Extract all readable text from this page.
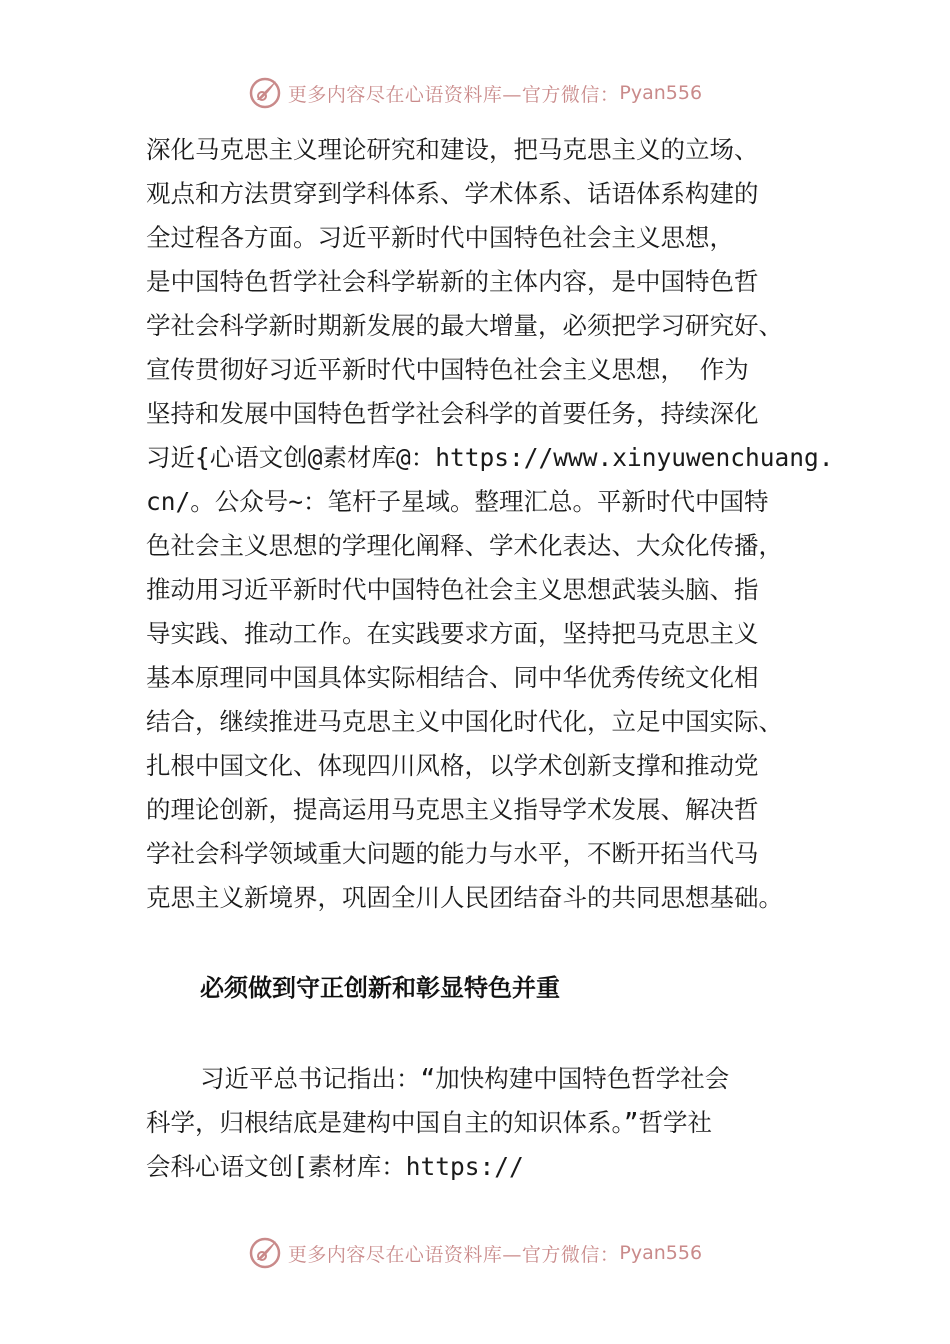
更多内容尽在心语资料库—官方微信： Pyan556
深化马克思主义理论研究和建设，把马克思主义的立场、
观点和方法贯穿到学科体系、学术体系、话语体系构建的
全过程各方面。习近平新时代中国特色社会主义思想，
是中国特色哲学社会科学崭新的主体内容，是中国特色哲
学社会科学新时期新发展的最大增量，必须把学习研究好、
宣传贯彻好习近平新时代中国特色社会主义思想， 作为
坚持和发展中国特色哲学社会科学的首要任务，持续深化
习近{心语文创@素材库@：https://www.xinyuwenchuang.
cn/。公众号~：笔杆子星域。整理汇总。平新时代中国特
色社会主义思想的学理化阐释、学术化表达、大众化传播，
推动用习近平新时代中国特色社会主义思想武装头脑、指
导实践、推动工作。在实践要求方面，坚持把马克思主义
基本原理同中国具体实际相结合、同中华优秀传统文化相
结合，继续推进马克思主义中国化时代化，立足中国实际、
扎根中国文化、体现四川风格，以学术创新支撑和推动党
的理论创新，提高运用马克思主义指导学术发展、解决哲
学社会科学领域重大问题的能力与水平，不断开拓当代马
克思主义新境界，巩固全川人民团结奋斗的共同思想基础。
必须做到守正创新和彰显特色并重
习近平总书记指出：“加快构建中国特色哲学社会
科学，归根结底是建构中国自主的知识体系。”哲学社
会科心语文创[素材库：https://
更多内容尽在心语资料库—官方微信： Pyan556
